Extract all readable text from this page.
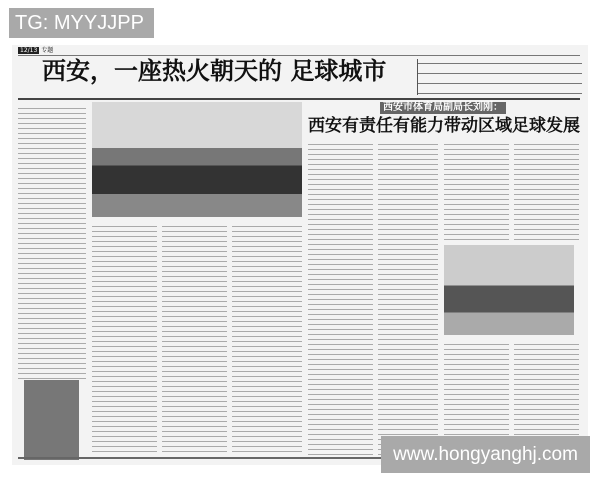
TG: MYYJJPP
12/13 专题
西安，一座热火朝天的 足球城市
西安市体育局副局长刘刚：
西安有责任有能力带动区域足球发展
www.hongyanghj.com
